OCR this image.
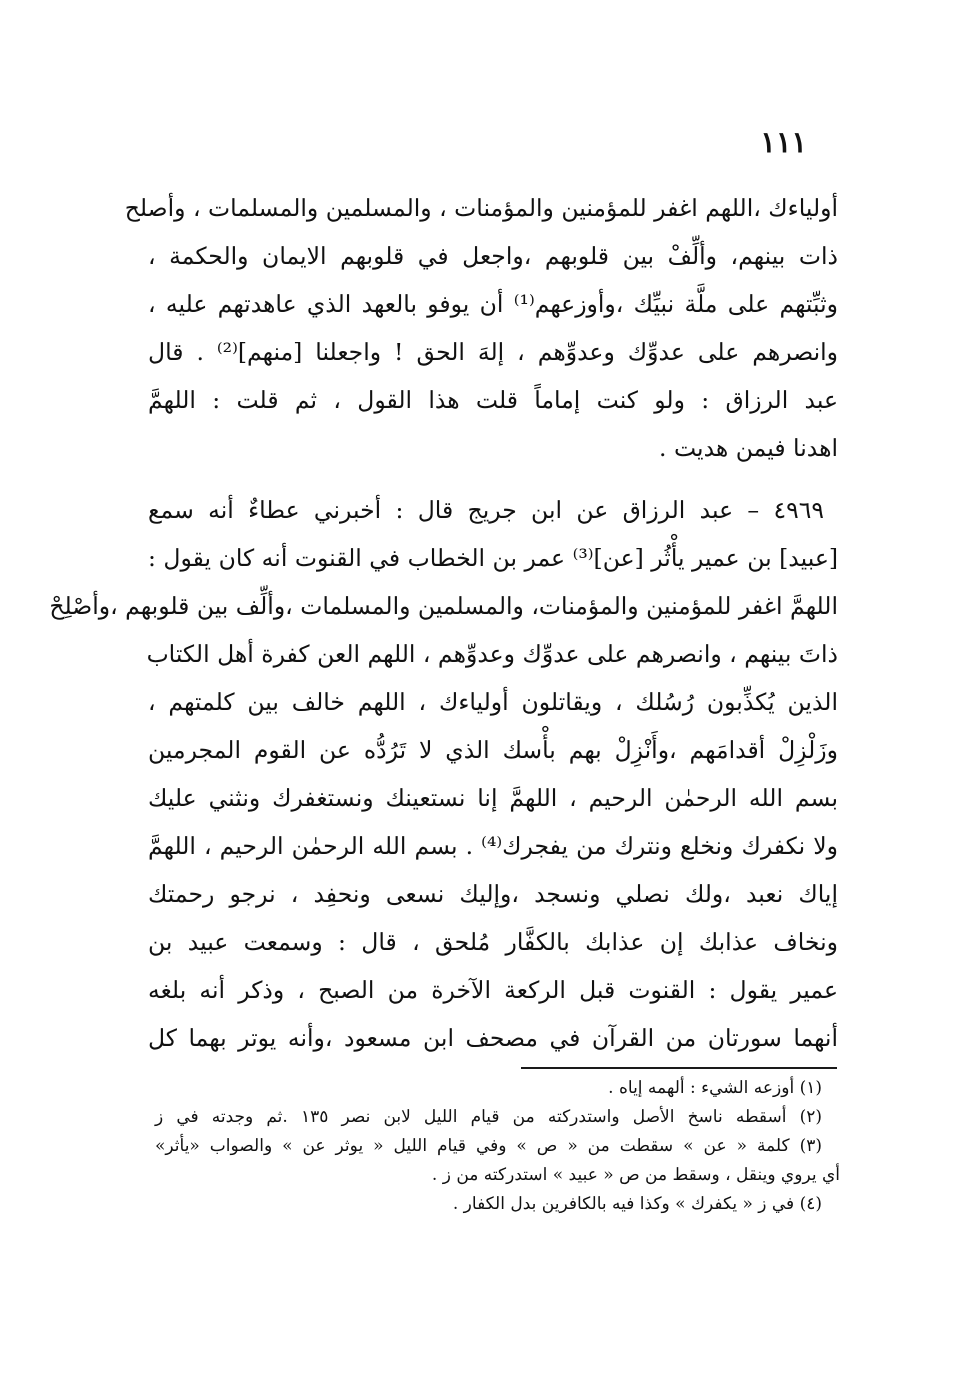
١١١
أولياءك ،اللهم اغفر للمؤمنين والمؤمنات ، والمسلمين والمسلمات ، وأصلح
ذات بينهم، وألِّفْ بين قلوبهم ،واجعل في قلوبهم الايمان والحكمة ،
وثبِّتهم على ملَّة نبيِّك ،وأوزعهم⁽¹⁾ أن يوفو بالعهد الذي عاهدتهم عليه ،
وانصرهم على عدوِّك وعدوِّهم ، إلهَ الحق ! واجعلنا [منهم]⁽²⁾ . قال
عبد الرزاق : ولو كنت إماماً قلت هذا القول ، ثم قلت : اللهمَّ
اهدنا فيمن هديت .
٤٩٦٩ – عبد الرزاق عن ابن جريج قال : أخبرني عطاءٌ أنه سمع
[عبيد] بن عمير يأْثُر [عن]⁽³⁾ عمر بن الخطاب في القنوت أنه كان يقول :
اللهمَّ اغفر للمؤمنين والمؤمنات، والمسلمين والمسلمات ،وألِّف بين قلوبهم ،وأصْلِحْ
ذاتَ بينهم ، وانصرهم على عدوِّك وعدوِّهم ، اللهم العن كفرة أهل الكتاب
الذين يُكذِّبون رُسُلك ، ويقاتلون أولياءك ، اللهم خالف بين كلمتهم ،
وزَلْزِلْ أقدامَهم ،وأَنْزِلْ بهم بأْسك الذي لا تَرُدُّه عن القوم المجرمين
بسم الله الرحمٰن الرحيم ، اللهمَّ إنا نستعينك ونستغفرك ونثني عليك
ولا نكفرك ونخلع ونترك من يفجرك⁽⁴⁾ . بسم الله الرحمٰن الرحيم ، اللهمَّ
إياك نعبد ،ولك نصلي ونسجد ،وإليك نسعى ونحفِد ، نرجو رحمتك
ونخاف عذابك إن عذابك بالكفَّار مُلحق ، قال : وسمعت عبيد بن
عمير يقول : القنوت قبل الركعة الآخرة من الصبح ، وذكر أنه بلغه
أنهما سورتان من القرآن في مصحف ابن مسعود ،وأنه يوتر بهما كل
(١) أوزعه الشيء : ألهمه إياه .
(٢) أسقطه ناسخ الأصل واستدركته من قيام الليل لابن نصر ١٣٥ .ثم وجدته في ز
(٣) كلمة « عن » سقطت من « ص » وفي قيام الليل « يوثر عن » والصواب «يأثر»
أي يروي وينقل ، وسقط من ص « عبيد » استدركته من ز .
(٤) في ز « يكفرك » وكذا فيه بالكافرين بدل الكفار .
